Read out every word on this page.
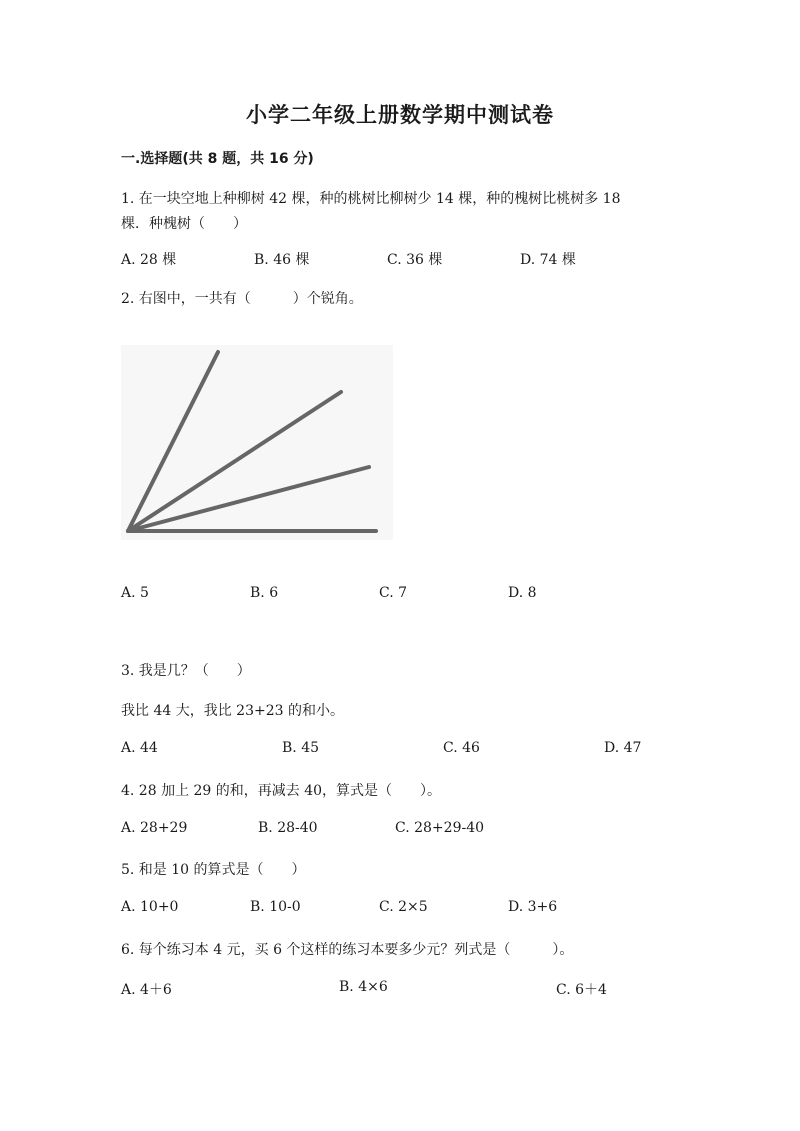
小学二年级上册数学期中测试卷
一.选择题(共 8 题，共 16 分)
1. 在一块空地上种柳树 42 棵，种的桃树比柳树少 14 棵，种的槐树比桃树多 18
棵．种槐树（　　）
A. 28 棵	B. 46 棵	C. 36 棵	D. 74 棵
2. 右图中，一共有（　　　）个锐角。
A. 5	B. 6	C. 7	D. 8
3. 我是几？（　　）
我比 44 大，我比 23+23 的和小。
A. 44	B. 45	C. 46	D. 47
4. 28 加上 29 的和，再减去 40，算式是（　　）。
A. 28+29	B. 28-40	C. 28+29-40
5. 和是 10 的算式是（　　）
A. 10+0	B. 10-0	C. 2×5	D. 3+6
6. 每个练习本 4 元，买 6 个这样的练习本要多少元？列式是（　　　）。
A. 4＋6	B. 4×6	C. 6＋4
